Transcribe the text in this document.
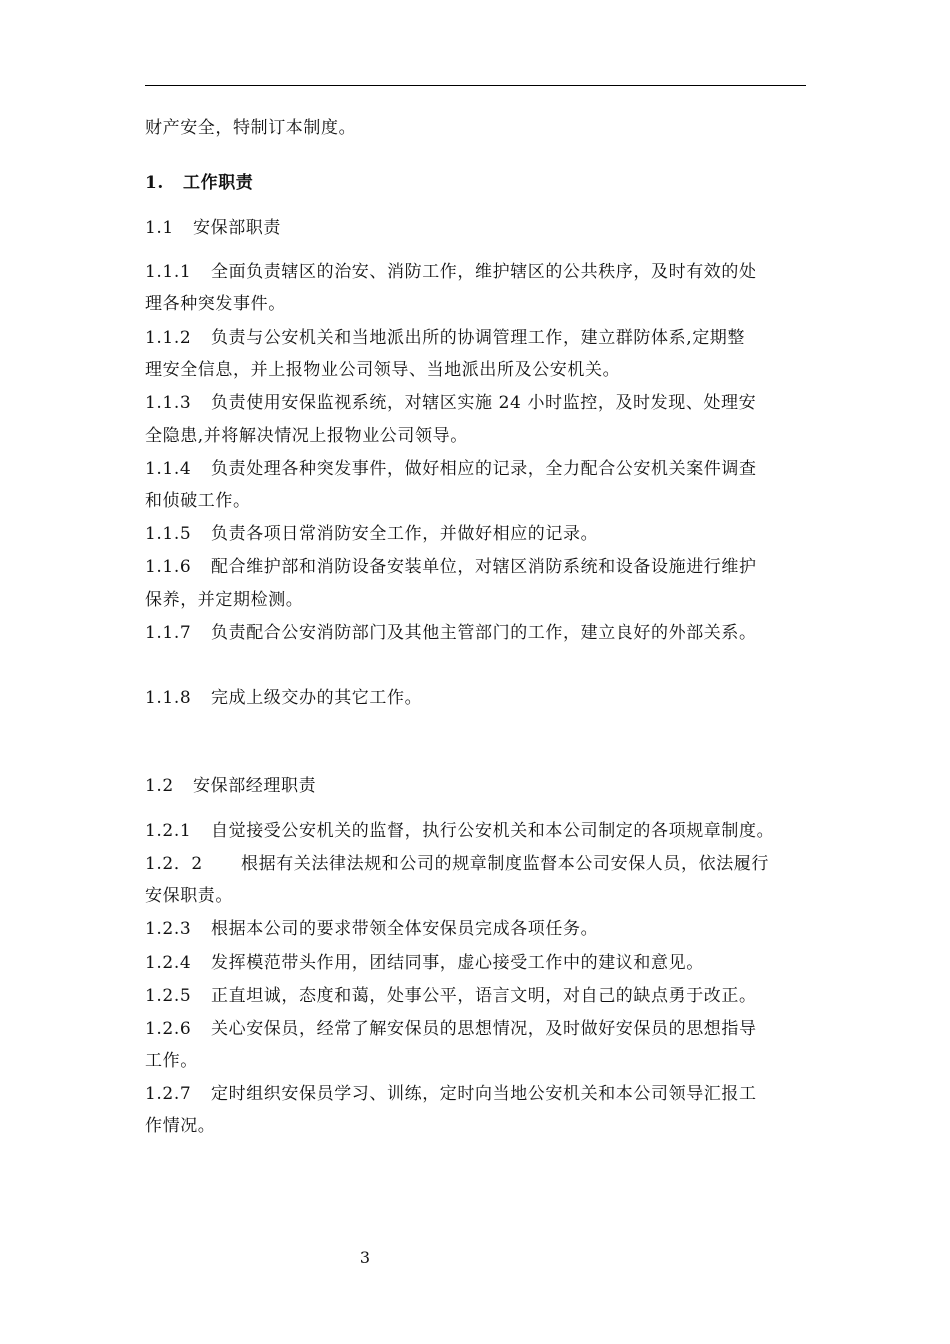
财产安全，特制订本制度。
1. 工作职责
1.1 安保部职责
1.1.1 全面负责辖区的治安、消防工作，维护辖区的公共秩序，及时有效的处
理各种突发事件。
1.1.2 负责与公安机关和当地派出所的协调管理工作，建立群防体系,定期整
理安全信息，并上报物业公司领导、当地派出所及公安机关。
1.1.3 负责使用安保监视系统，对辖区实施 24 小时监控，及时发现、处理安
全隐患,并将解决情况上报物业公司领导。
1.1.4 负责处理各种突发事件，做好相应的记录，全力配合公安机关案件调查
和侦破工作。
1.1.5 负责各项日常消防安全工作，并做好相应的记录。
1.1.6 配合维护部和消防设备安装单位，对辖区消防系统和设备设施进行维护
保养，并定期检测。
1.1.7 负责配合公安消防部门及其他主管部门的工作，建立良好的外部关系。
1.1.8 完成上级交办的其它工作。
1.2 安保部经理职责
1.2.1 自觉接受公安机关的监督，执行公安机关和本公司制定的各项规章制度。
1.2．2 根据有关法律法规和公司的规章制度监督本公司安保人员，依法履行
安保职责。
1.2.3 根据本公司的要求带领全体安保员完成各项任务。
1.2.4 发挥模范带头作用，团结同事，虚心接受工作中的建议和意见。
1.2.5 正直坦诚，态度和蔼，处事公平，语言文明，对自己的缺点勇于改正。
1.2.6 关心安保员，经常了解安保员的思想情况，及时做好安保员的思想指导
工作。
1.2.7 定时组织安保员学习、训练，定时向当地公安机关和本公司领导汇报工
作情况。
3
